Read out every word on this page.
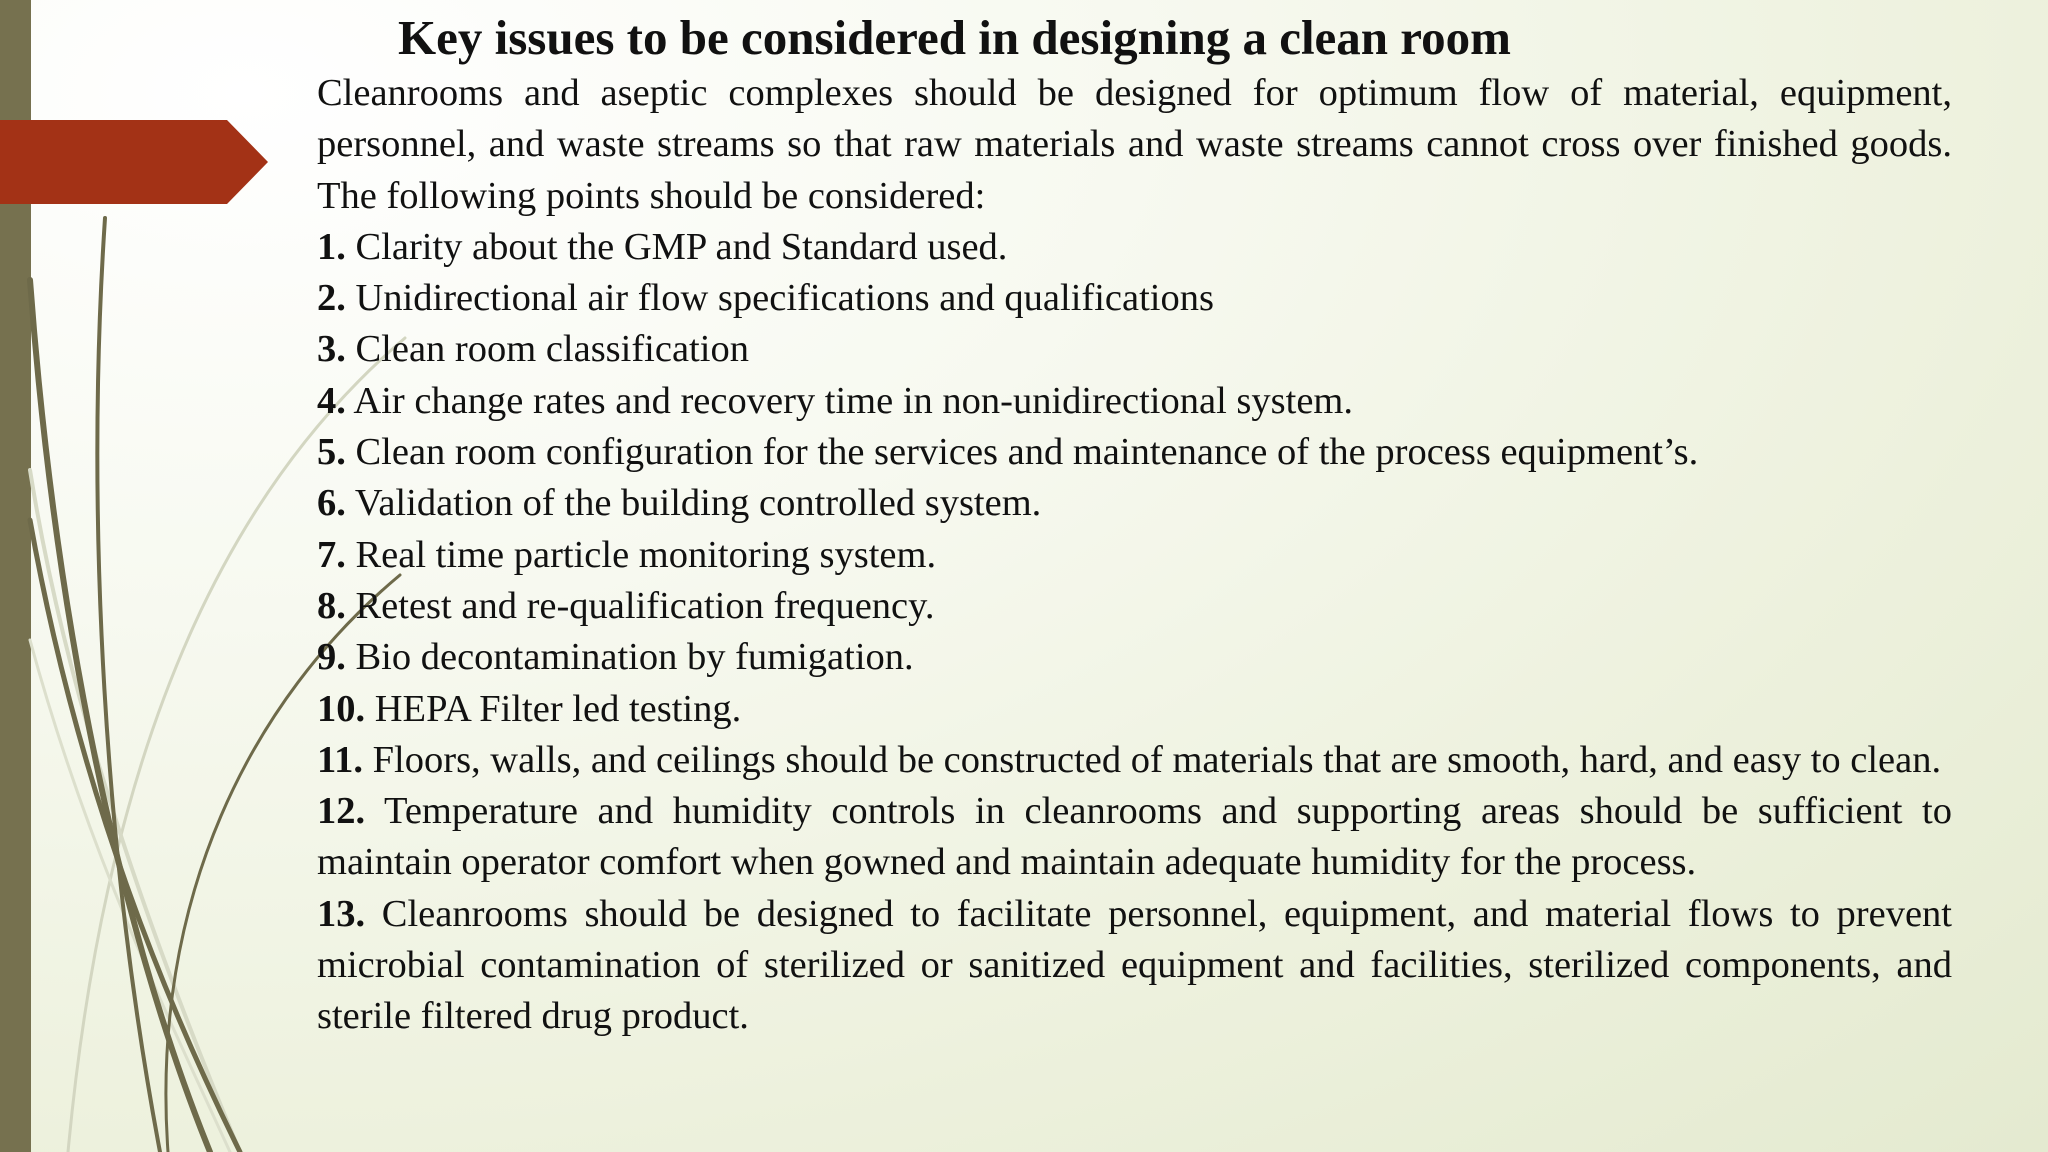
Key issues to be considered in designing a clean room

Cleanrooms and aseptic complexes should be designed for optimum flow of material, equipment, personnel, and waste streams so that raw materials and waste streams cannot cross over finished goods. The following points should be considered:

1. Clarity about the GMP and Standard used.

2. Unidirectional air flow specifications and qualifications

3. Clean room classification

4. Air change rates and recovery time in non-unidirectional system.

5. Clean room configuration for the services and maintenance of the process equipment’s.

6. Validation of the building controlled system.

7. Real time particle monitoring system.

8. Retest and re-qualification frequency.

9. Bio decontamination by fumigation.

10. HEPA Filter led testing.

11. Floors, walls, and ceilings should be constructed of materials that are smooth, hard, and easy to clean.

12. Temperature and humidity controls in cleanrooms and supporting areas should be sufficient to maintain operator comfort when gowned and maintain adequate humidity for the process.

13. Cleanrooms should be designed to facilitate personnel, equipment, and material flows to prevent microbial contamination of sterilized or sanitized equipment and facilities, sterilized components, and sterile filtered drug product.
